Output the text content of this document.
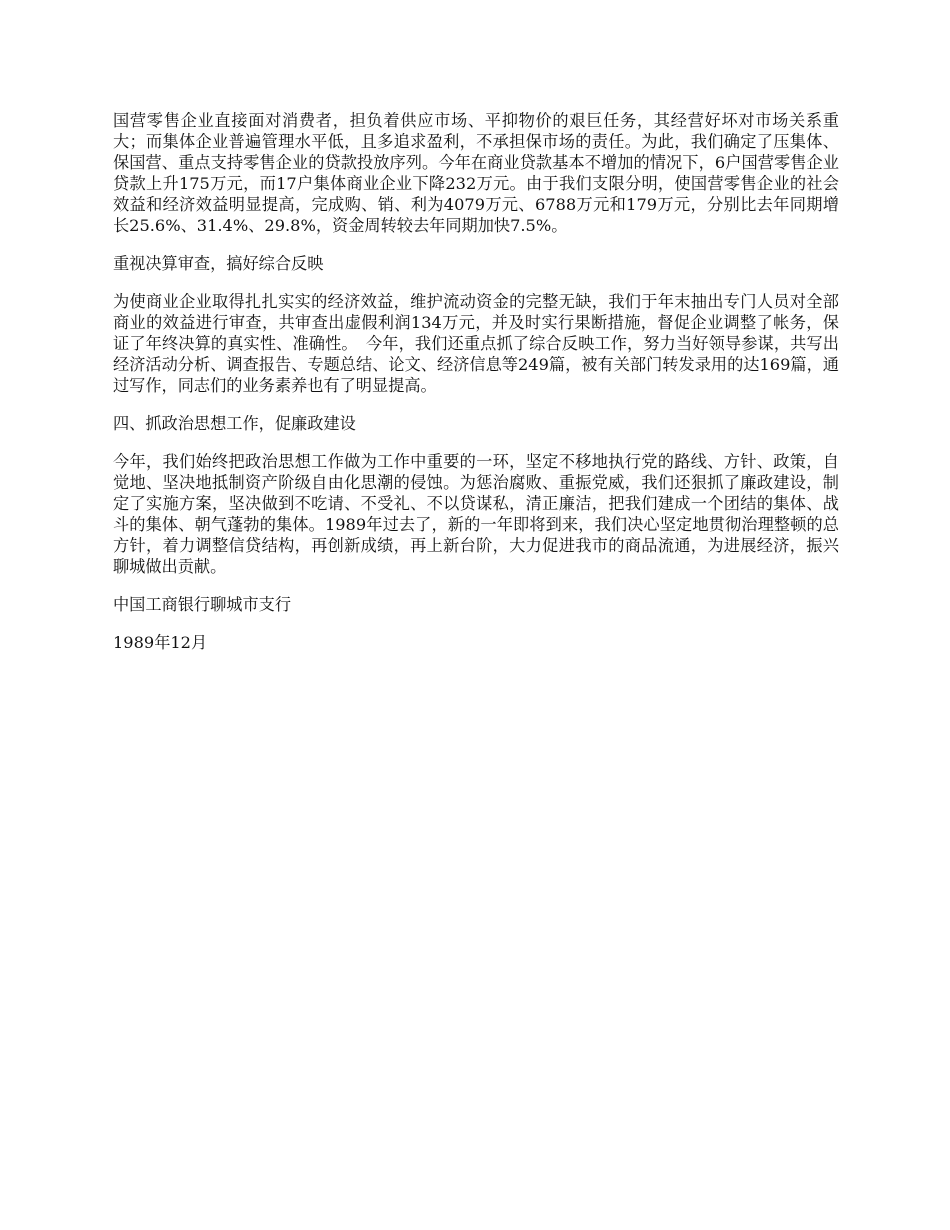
国营零售企业直接面对消费者，担负着供应市场、平抑物价的艰巨任务，其经营好坏对市场关系重大；而集体企业普遍管理水平低，且多追求盈利，不承担保市场的责任。为此，我们确定了压集体、保国营、重点支持零售企业的贷款投放序列。今年在商业贷款基本不增加的情况下，6户国营零售企业贷款上升175万元，而17户集体商业企业下降232万元。由于我们支限分明，使国营零售企业的社会效益和经济效益明显提高，完成购、销、利为4079万元、6788万元和179万元，分别比去年同期增长25.6%、31.4%、29.8%，资金周转较去年同期加快7.5%。

重视决算审查，搞好综合反映

为使商业企业取得扎扎实实的经济效益，维护流动资金的完整无缺，我们于年末抽出专门人员对全部商业的效益进行审查，共审查出虚假利润134万元，并及时实行果断措施，督促企业调整了帐务，保证了年终决算的真实性、准确性。　今年，我们还重点抓了综合反映工作，努力当好领导参谋，共写出经济活动分析、调查报告、专题总结、论文、经济信息等249篇，被有关部门转发录用的达169篇，通过写作，同志们的业务素养也有了明显提高。

四、抓政治思想工作，促廉政建设

今年，我们始终把政治思想工作做为工作中重要的一环，坚定不移地执行党的路线、方针、政策，自觉地、坚决地抵制资产阶级自由化思潮的侵蚀。为惩治腐败、重振党威，我们还狠抓了廉政建设，制定了实施方案，坚决做到不吃请、不受礼、不以贷谋私，清正廉洁，把我们建成一个团结的集体、战斗的集体、朝气蓬勃的集体。1989年过去了，新的一年即将到来，我们决心坚定地贯彻治理整顿的总方针，着力调整信贷结构，再创新成绩，再上新台阶，大力促进我市的商品流通，为进展经济，振兴聊城做出贡献。

中国工商银行聊城市支行

1989年12月
